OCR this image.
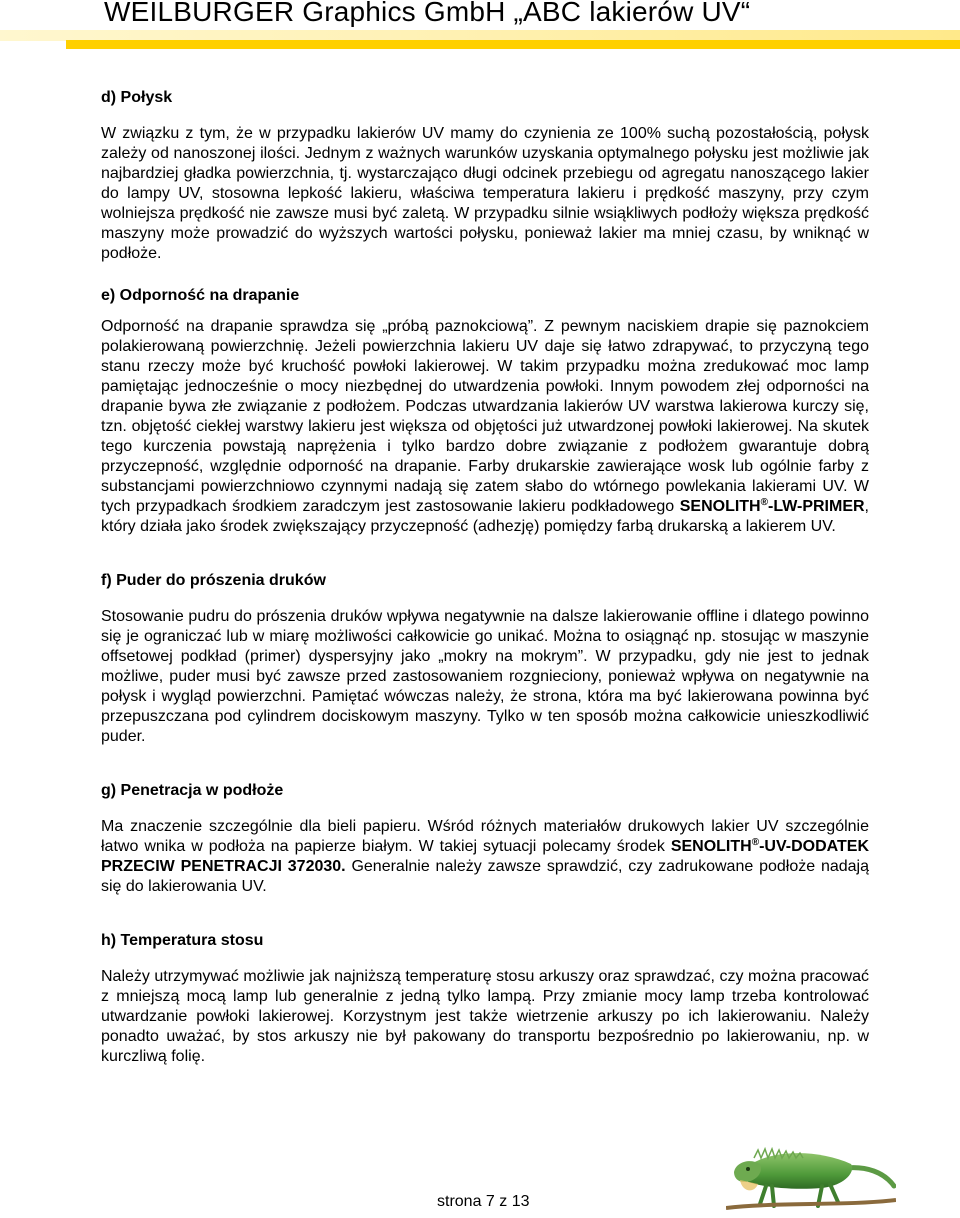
WEILBURGER Graphics GmbH „ABC lakierów UV“
d) Połysk

W związku z tym, że w przypadku lakierów UV mamy do czynienia ze 100% suchą pozostałością, połysk zależy od nanoszonej ilości. Jednym z ważnych warunków uzyskania optymalnego połysku jest możliwie jak najbardziej gładka powierzchnia, tj. wystarczająco długi odcinek przebiegu od agregatu nanoszącego lakier do lampy UV, stosowna lepkość lakieru, właściwa temperatura lakieru i prędkość maszyny, przy czym wolniejsza prędkość nie zawsze musi być zaletą. W przypadku silnie wsiąkliwych podłoży większa prędkość maszyny może prowadzić do wyższych wartości połysku, ponieważ lakier ma mniej czasu, by wniknąć w podłoże.

e) Odporność na drapanie

Odporność na drapanie sprawdza się „próbą paznokciową”. Z pewnym naciskiem drapie się paznokciem polakierowaną powierzchnię. Jeżeli powierzchnia lakieru UV daje się łatwo zdrapywać, to przyczyną tego stanu rzeczy może być kruchość powłoki lakierowej. W takim przypadku można zredukować moc lamp pamiętając jednocześnie o mocy niezbędnej do utwardzenia powłoki. Innym powodem złej odporności na drapanie bywa złe związanie z podłożem. Podczas utwardzania lakierów UV warstwa lakierowa kurczy się, tzn. objętość ciekłej warstwy lakieru jest większa od objętości już utwardzonej powłoki lakierowej. Na skutek tego kurczenia powstają naprężenia i tylko bardzo dobre związanie z podłożem gwarantuje dobrą przyczepność, względnie odporność na drapanie. Farby drukarskie zawierające wosk lub ogólnie farby z substancjami powierzchniowo czynnymi nadają się zatem słabo do wtórnego powlekania lakierami UV. W tych przypadkach środkiem zaradczym jest zastosowanie lakieru podkładowego SENOLITH®-LW-PRIMER, który działa jako środek zwiększający przyczepność (adhezję) pomiędzy farbą drukarską a lakierem UV.

f) Puder do prószenia druków

Stosowanie pudru do prószenia druków wpływa negatywnie na dalsze lakierowanie offline i dlatego powinno się je ograniczać lub w miarę możliwości całkowicie go unikać. Można to osiągnąć np. stosując w maszynie offsetowej podkład (primer) dyspersyjny jako „mokry na mokrym”. W przypadku, gdy nie jest to jednak możliwe, puder musi być zawsze przed zastosowaniem rozgnieciony, ponieważ wpływa on negatywnie na połysk i wygląd powierzchni. Pamiętać wówczas należy, że strona, która ma być lakierowana powinna być przepuszczana pod cylindrem dociskowym maszyny. Tylko w ten sposób można całkowicie unieszkodliwić puder.

g) Penetracja w podłoże

Ma znaczenie szczególnie dla bieli papieru. Wśród różnych materiałów drukowych lakier UV szczególnie łatwo wnika w podłoża na papierze białym. W takiej sytuacji polecamy środek SENOLITH®-UV-DODATEK PRZECIW PENETRACJI 372030. Generalnie należy zawsze sprawdzić, czy zadrukowane podłoże nadają się do lakierowania UV.

h) Temperatura stosu

Należy utrzymywać możliwie jak najniższą temperaturę stosu arkuszy oraz sprawdzać, czy można pracować z mniejszą mocą lamp lub generalnie z jedną tylko lampą. Przy zmianie mocy lamp trzeba kontrolować utwardzanie powłoki lakierowej. Korzystnym jest także wietrzenie arkuszy po ich lakierowaniu. Należy ponadto uważać, by stos arkuszy nie był pakowany do transportu bezpośrednio po lakierowaniu, np. w kurczliwą folię.

strona 7 z 13
